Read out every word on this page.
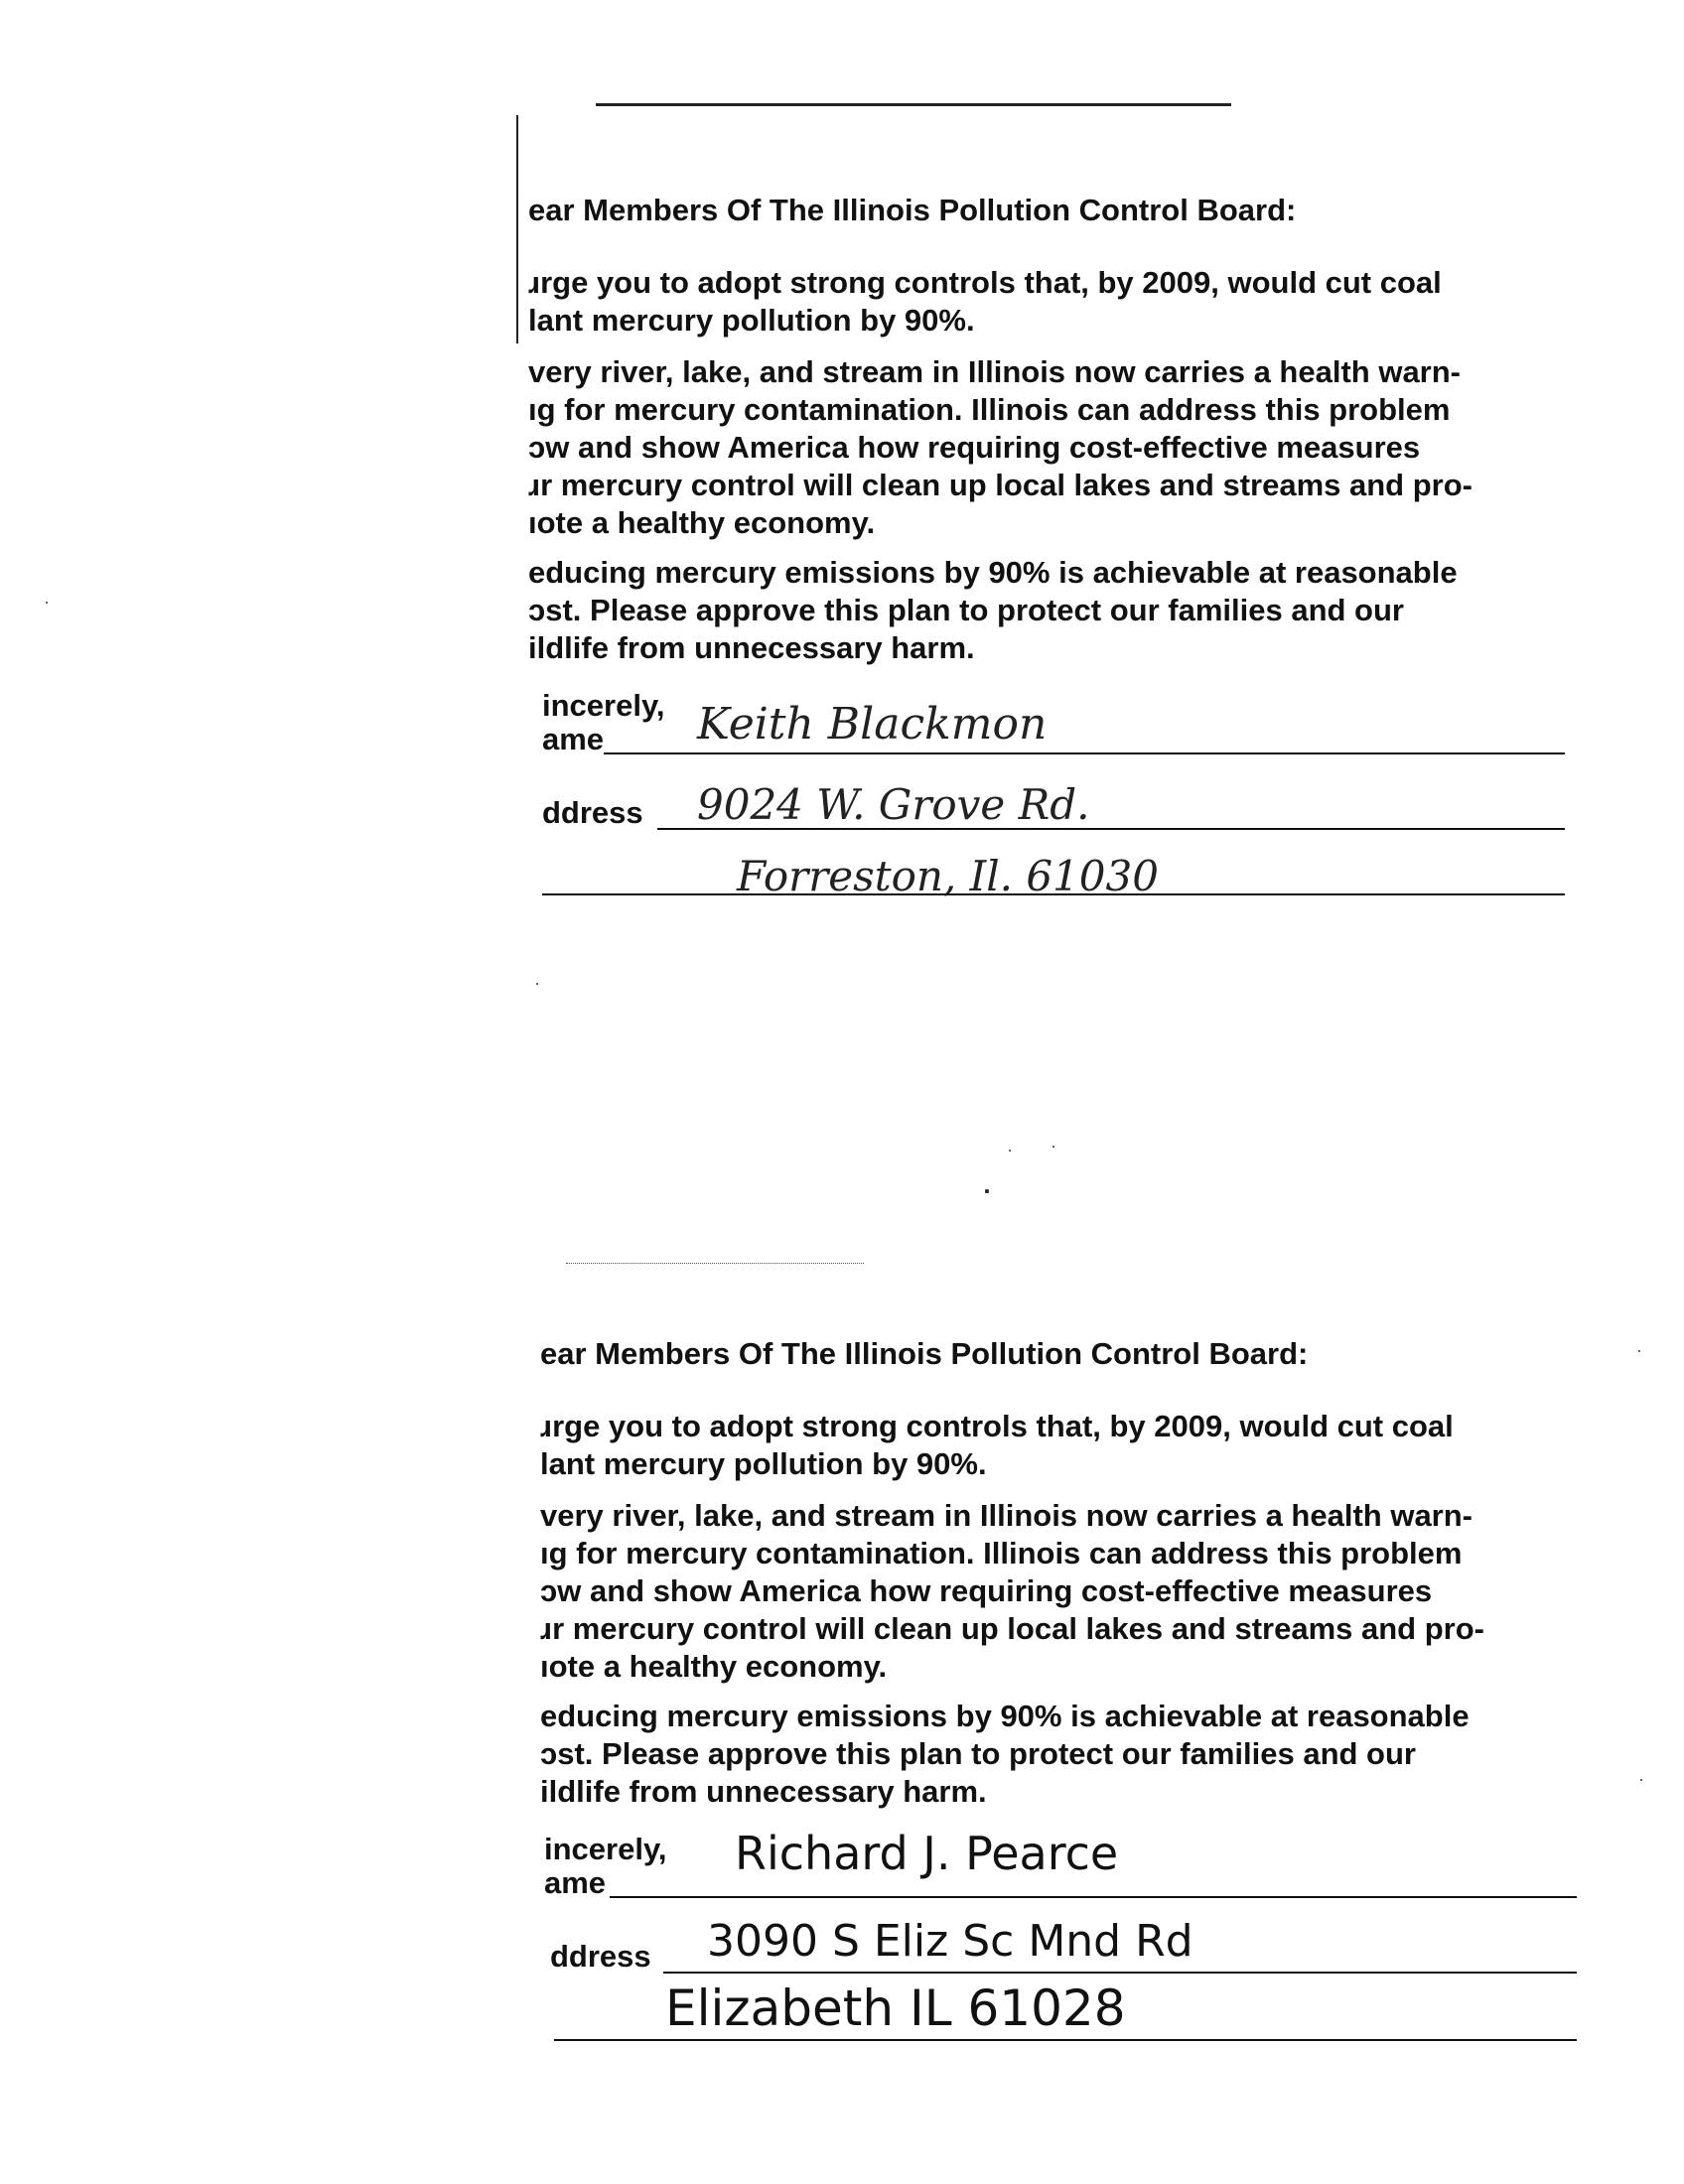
ear Members Of The Illinois Pollution Control Board:
ɹrge you to adopt strong controls that, by 2009, would cut coal
lant mercury pollution by 90%.
very river, lake, and stream in Illinois now carries a health warn-
ıg for mercury contamination. Illinois can address this problem
ɔw and show America how requiring cost-effective measures
ɹr mercury control will clean up local lakes and streams and pro-
ıote a healthy economy.
educing mercury emissions by 90% is achievable at reasonable
ɔst. Please approve this plan to protect our families and our
ildlife from unnecessary harm.
incerely,
ame Keith Blackmon
ddress 9024 W. Grove Rd.
Forreston, Il. 61030
ear Members Of The Illinois Pollution Control Board:
ɹrge you to adopt strong controls that, by 2009, would cut coal
lant mercury pollution by 90%.
very river, lake, and stream in Illinois now carries a health warn-
ıg for mercury contamination. Illinois can address this problem
ɔw and show America how requiring cost-effective measures
ɹr mercury control will clean up local lakes and streams and pro-
ıote a healthy economy.
educing mercury emissions by 90% is achievable at reasonable
ɔst. Please approve this plan to protect our families and our
ildlife from unnecessary harm.
incerely,
ame
Richard J. Pearce
ddress 3090 S Eliz Sc Mnd Rd
Elizabeth IL 61028
